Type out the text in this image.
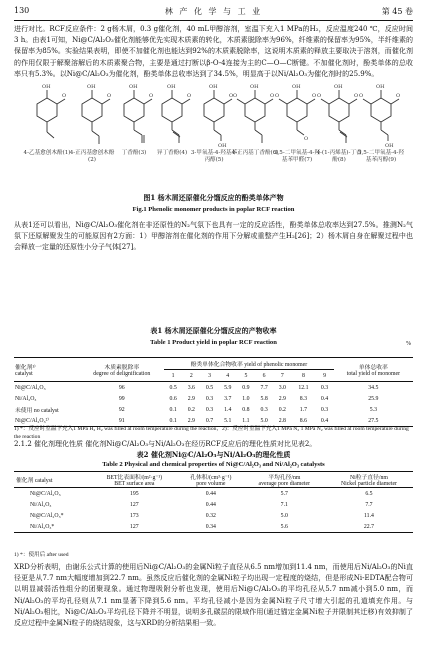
130	林 产 化 学 与 工 业	第 45 卷
进行对比。RCF反应条件：2 g杨木屑，0.3 g催化剂，40 mL甲醇溶剂，室温下充入1 MPa的H₂，反应温度240 ℃，反应时间3 h。由表1可知，Ni@C/Al₂O₃催化剂能够优先实现木质素的转化，木质素脱除率为96%，纤维素的保留率为95%，半纤维素的保留率为85%。实验结果表明，即使不加催化剂也能达到92%的木质素脱除率，这说明木质素的释放主要取决于溶剂，而催化剂的作用仅限于解聚溶解后的木质素聚合物，主要是通过打断以β-O-4连接为主的C—O—C断键。不加催化剂时，酚类单体的总收率只有5.3%。以Ni@C/Al₂O₃为催化剂，酚类单体总收率达到了34.5%，明显高于以Ni/Al₂O₃为催化剂时的25.9%。
OH
O
OH
O
OH
O
OH
O
OH
O
OH
OH
O
O
OH
O
O
O
OH
O
O
OH
O
O
OH
4-乙基愈创木酚(1) 4-正丙基愈创木酚(2)
丁香酚(3)	异丁香酚(4) 3-甲氧基-4-羟基苯丙醇(5)
4-正丙基丁香酚(6)
3,5-二甲氧基-4-羟基苯甲醛(7)
4-(1-丙烯基)-丁香酚(8)
3,5-二甲氧基-4-羟基苯丙醇(9)
图1 杨木屑还原催化分馏反应的酚类单体产物
Fig.1 Phenolic monomer products in poplar RCF reaction
从表1还可以看出，Ni@C/Al₂O₃催化剂在非还原性的N₂气氛下也具有一定的反应活性，酚类单体总收率达到27.5%。推测N₂气氛下还原解聚发生的可能原因有2方面：1）甲醇溶剂在催化剂的作用下分解或重整产生H₂[26]；2）杨木屑自身在解聚过程中也会释放一定量的还原性小分子气体[27]。
表1 杨木屑还原催化分馏反应的产物收率
Table 1 Product yield in poplar RCF reaction	%
催化剂¹⁾
catalyst	木质素脱除率
degree of delignification	酚类单体化合物收率 yield of phenolic monomer									单体总收率
total yield of monomer
		1	2	3	4	5	6	7	8	9	
Ni@C/Al₂O₃	96	0.5	3.6	0.5	5.9	0.9	7.7	3.0	12.1	0.3	34.5
Ni/Al₂O₃	99	0.6	2.9	0.3	3.7	1.0	5.8	2.9	8.3	0.4	25.9
未使用 no catalyst	92	0.1	0.2	0.3	1.4	0.8	0.3	0.2	1.7	0.3	5.3
Ni@C/Al₂O₃²⁾	91	0.1	2.9	0.7	5.1	1.1	5.0	2.8	8.6	0.4	27.5
1) *：反应时室温下充入1 MPa H₂ H₂ was filled at room temperature during the reaction，2)：反应时室温下充入1 MPa N₂ 1 MPa N₂ was filled at room temperature during the reaction
2.1.2 催化剂理化性质 催化剂Ni@C/Al₂O₃与Ni/Al₂O₃在经历RCF反应后的理化性质对比见表2。
表2 催化剂Ni@C/Al₂O₃与Ni/Al₂O₃的理化性质
Table 2 Physical and chemical properties of Ni@C/Al₂O₃ and Ni/Al₂O₃ catalysts
催化剂 catalyst	BET比表面积/(m²·g⁻¹)
BET surface area	孔体积/(cm³·g⁻¹)
pore volume	平均孔径/nm
average pore diameter	Ni粒子直径/nm
Nickel particle diameter
Ni@C/Al₂O₃	195	0.44	5.7	6.5
Ni/Al₂O₃	127	0.44	7.1	7.7
Ni@C/Al₂O₃*	173	0.32	5.0	11.4
Ni/Al₂O₃*	127	0.34	5.6	22.7
1) *：使用后 after used
XRD分析表明，由谢乐公式计算的使用后Ni@C/Al₂O₃的金属Ni粒子直径从6.5 nm增加到11.4 nm，而使用后Ni/Al₂O₃的Ni直径更是从7.7 nm大幅度增加到22.7 nm。虽然反应后催化剂的金属Ni粒子均出现一定程度的烧结，但是形成Ni-EDTA配合物可以明显减弱活性组分的团聚现象。通过物理吸附分析也发现，使用后Ni@C/Al₂O₃的平均孔径从5.7 nm减小到5.0 nm，而Ni/Al₂O₃的平均孔径则从7.1 nm显著下降到5.6 nm。平均孔径减小是因为金属Ni粒子尺寸增大引起的孔道填充作用。与Ni/Al₂O₃相比，Ni@C/Al₂O₃平均孔径下降并不明显，说明多孔碳层的限域作用(通过锚定金属Ni粒子并限制其迁移)有效抑制了反应过程中金属Ni粒子的烧结现象，这与XRD的分析结果相一致。
